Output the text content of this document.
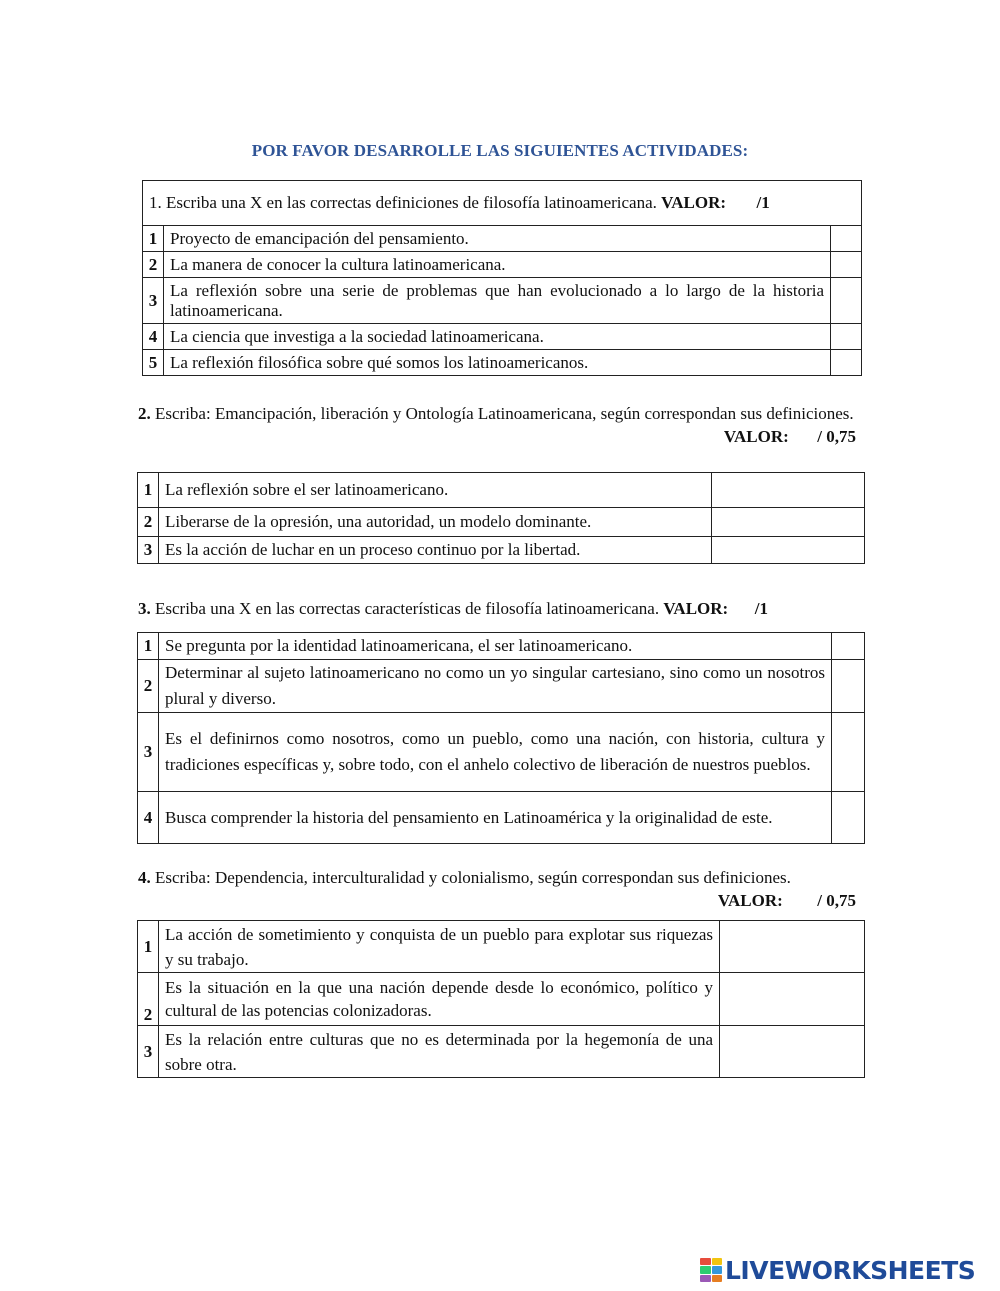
POR FAVOR DESARROLLE LAS SIGUIENTES ACTIVIDADES:
1. Escriba una X en las correctas definiciones de filosofía latinoamericana. VALOR: /1		
1	Proyecto de emancipación del pensamiento.	
2	La manera de conocer la cultura latinoamericana.	
3	La reflexión sobre una serie de problemas que han evolucionado a lo largo de la historia latinoamericana.	
4	La ciencia que investiga a la sociedad latinoamericana.	
5	La reflexión filosófica sobre qué somos los latinoamericanos.	
2. Escriba: Emancipación, liberación y Ontología Latinoamericana, según correspondan sus definiciones.
VALOR: / 0,75
1	La reflexión sobre el ser latinoamericano.	
2	Liberarse de la opresión, una autoridad, un modelo dominante.	
3	Es la acción de luchar en un proceso continuo por la libertad.	
3. Escriba una X en las correctas características de filosofía latinoamericana. VALOR: /1
1	Se pregunta por la identidad latinoamericana, el ser latinoamericano.	
2	Determinar al sujeto latinoamericano no como un yo singular cartesiano, sino como un nosotros plural y diverso.	
3	Es el definirnos como nosotros, como un pueblo, como una nación, con historia, cultura y tradiciones específicas y, sobre todo, con el anhelo colectivo de liberación de nuestros pueblos.	
4	Busca comprender la historia del pensamiento en Latinoamérica y la originalidad de este.	
4. Escriba: Dependencia, interculturalidad y colonialismo, según correspondan sus definiciones.
VALOR: / 0,75
1	La acción de sometimiento y conquista de un pueblo para explotar sus riquezas y su trabajo.	
2	Es la situación en la que una nación depende desde lo económico, político y cultural de las potencias colonizadoras.	
3	Es la relación entre culturas que no es determinada por la hegemonía de una sobre otra.	
LIVEWORKSHEETS
